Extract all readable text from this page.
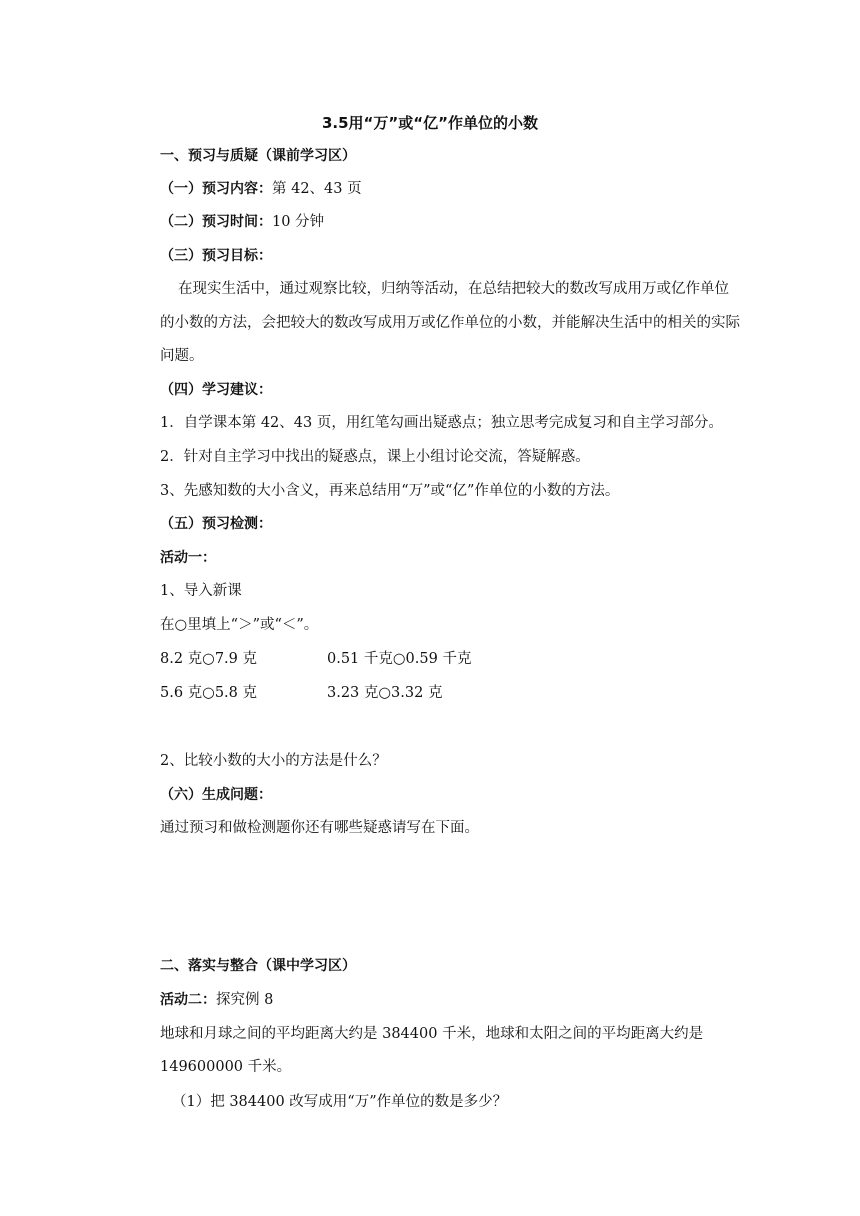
3.5用“万”或“亿”作单位的小数
一、预习与质疑（课前学习区）
（一）预习内容：第 42、43 页
（二）预习时间：10 分钟
（三）预习目标：
在现实生活中，通过观察比较，归纳等活动，在总结把较大的数改写成用万或亿作单位
的小数的方法，会把较大的数改写成用万或亿作单位的小数，并能解决生活中的相关的实际
问题。
（四）学习建议：
1．自学课本第 42、43 页，用红笔勾画出疑惑点；独立思考完成复习和自主学习部分。
2．针对自主学习中找出的疑惑点，课上小组讨论交流，答疑解惑。
3、先感知数的大小含义，再来总结用“万”或“亿”作单位的小数的方法。
（五）预习检测：
活动一：
1、导入新课
在○里填上“＞”或“＜”。
8.2 克○7.9 克	0.51 千克○0.59 千克
5.6 克○5.8 克	3.23 克○3.32 克
2、比较小数的大小的方法是什么？
（六）生成问题：
通过预习和做检测题你还有哪些疑惑请写在下面。
二、落实与整合（课中学习区）
活动二：探究例 8
地球和月球之间的平均距离大约是 384400 千米，地球和太阳之间的平均距离大约是
149600000 千米。
（1）把 384400 改写成用“万”作单位的数是多少？
